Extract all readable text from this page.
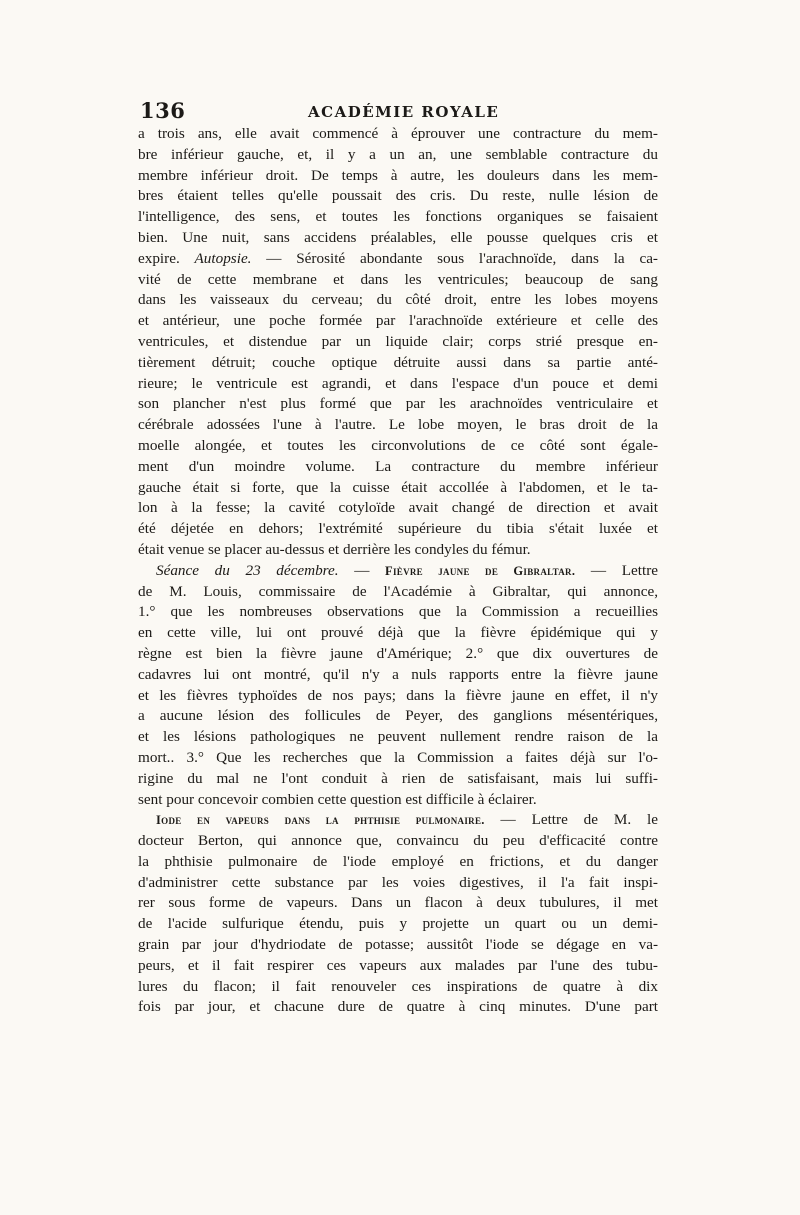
136	ACADÉMIE ROYALE
a trois ans, elle avait commencé à éprouver une contracture du mem-
bre inférieur gauche, et, il y a un an, une semblable contracture du
membre inférieur droit. De temps à autre, les douleurs dans les mem-
bres étaient telles qu'elle poussait des cris. Du reste, nulle lésion de
l'intelligence, des sens, et toutes les fonctions organiques se faisaient
bien. Une nuit, sans accidens préalables, elle pousse quelques cris et
expire. Autopsie. — Sérosité abondante sous l'arachnoïde, dans la ca-
vité de cette membrane et dans les ventricules; beaucoup de sang
dans les vaisseaux du cerveau; du côté droit, entre les lobes moyens
et antérieur, une poche formée par l'arachnoïde extérieure et celle des
ventricules, et distendue par un liquide clair; corps strié presque en-
tièrement détruit; couche optique détruite aussi dans sa partie anté-
rieure; le ventricule est agrandi, et dans l'espace d'un pouce et demi
son plancher n'est plus formé que par les arachnoïdes ventriculaire et
cérébrale adossées l'une à l'autre. Le lobe moyen, le bras droit de la
moelle alongée, et toutes les circonvolutions de ce côté sont égale-
ment d'un moindre volume. La contracture du membre inférieur
gauche était si forte, que la cuisse était accollée à l'abdomen, et le ta-
lon à la fesse; la cavité cotyloïde avait changé de direction et avait
été déjetée en dehors; l'extrémité supérieure du tibia s'était luxée et
était venue se placer au-dessus et derrière les condyles du fémur.
Séance du 23 décembre. — Fièvre jaune de Gibraltar. — Lettre
de M. Louis, commissaire de l'Académie à Gibraltar, qui annonce,
1.° que les nombreuses observations que la Commission a recueillies
en cette ville, lui ont prouvé déjà que la fièvre épidémique qui y
règne est bien la fièvre jaune d'Amérique; 2.° que dix ouvertures de
cadavres lui ont montré, qu'il n'y a nuls rapports entre la fièvre jaune
et les fièvres typhoïdes de nos pays; dans la fièvre jaune en effet, il n'y
a aucune lésion des follicules de Peyer, des ganglions mésentériques,
et les lésions pathologiques ne peuvent nullement rendre raison de la
mort.. 3.° Que les recherches que la Commission a faites déjà sur l'o-
rigine du mal ne l'ont conduit à rien de satisfaisant, mais lui suffi-
sent pour concevoir combien cette question est difficile à éclairer.
Iode en vapeurs dans la phthisie pulmonaire. — Lettre de M. le
docteur Berton, qui annonce que, convaincu du peu d'efficacité contre
la phthisie pulmonaire de l'iode employé en frictions, et du danger
d'administrer cette substance par les voies digestives, il l'a fait inspi-
rer sous forme de vapeurs. Dans un flacon à deux tubulures, il met
de l'acide sulfurique étendu, puis y projette un quart ou un demi-
grain par jour d'hydriodate de potasse; aussitôt l'iode se dégage en va-
peurs, et il fait respirer ces vapeurs aux malades par l'une des tubu-
lures du flacon; il fait renouveler ces inspirations de quatre à dix
fois par jour, et chacune dure de quatre à cinq minutes. D'une part
